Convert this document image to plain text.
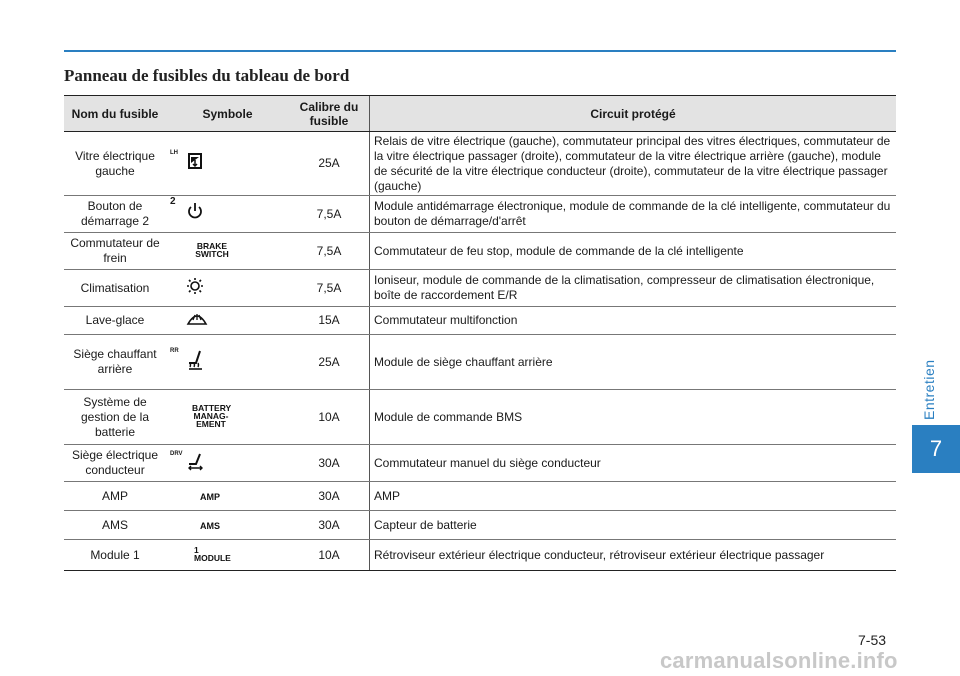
Panneau de fusibles du tableau de bord
Nom du fusible	Symbole	Calibre du fusible	Circuit protégé
Vitre électrique gauche	LH	25A	Relais de vitre électrique (gauche), commutateur principal des vitres électriques, commutateur de la vitre électrique passager (droite), commutateur de la vitre électrique arrière (gauche), module de sécurité de la vitre électrique conducteur (droite), commutateur de la vitre électrique passager (gauche)
Bouton de démarrage 2	2	7,5A	Module antidémarrage électronique, module de commande de la clé intelligente, commutateur du bouton de démarrage/d'arrêt
Commutateur de frein	BRAKE SWITCH	7,5A	Commutateur de feu stop, module de commande de la clé intelligente
Climatisation		7,5A	Ioniseur, module de commande de la climatisation, compresseur de climatisation électronique, boîte de raccordement E/R
Lave-glace		15A	Commutateur multifonction
Siège chauffant arrière	RR	25A	Module de siège chauffant arrière
Système de gestion de la batterie	BATTERY MANAG-EMENT	10A	Module de commande BMS
Siège électrique conducteur	DRV	30A	Commutateur manuel du siège conducteur
AMP	AMP	30A	AMP
AMS	AMS	30A	Capteur de batterie
Module 1	1 MODULE	10A	Rétroviseur extérieur électrique conducteur, rétroviseur extérieur électrique passager
Entretien
7
7-53
carmanualsonline.info
